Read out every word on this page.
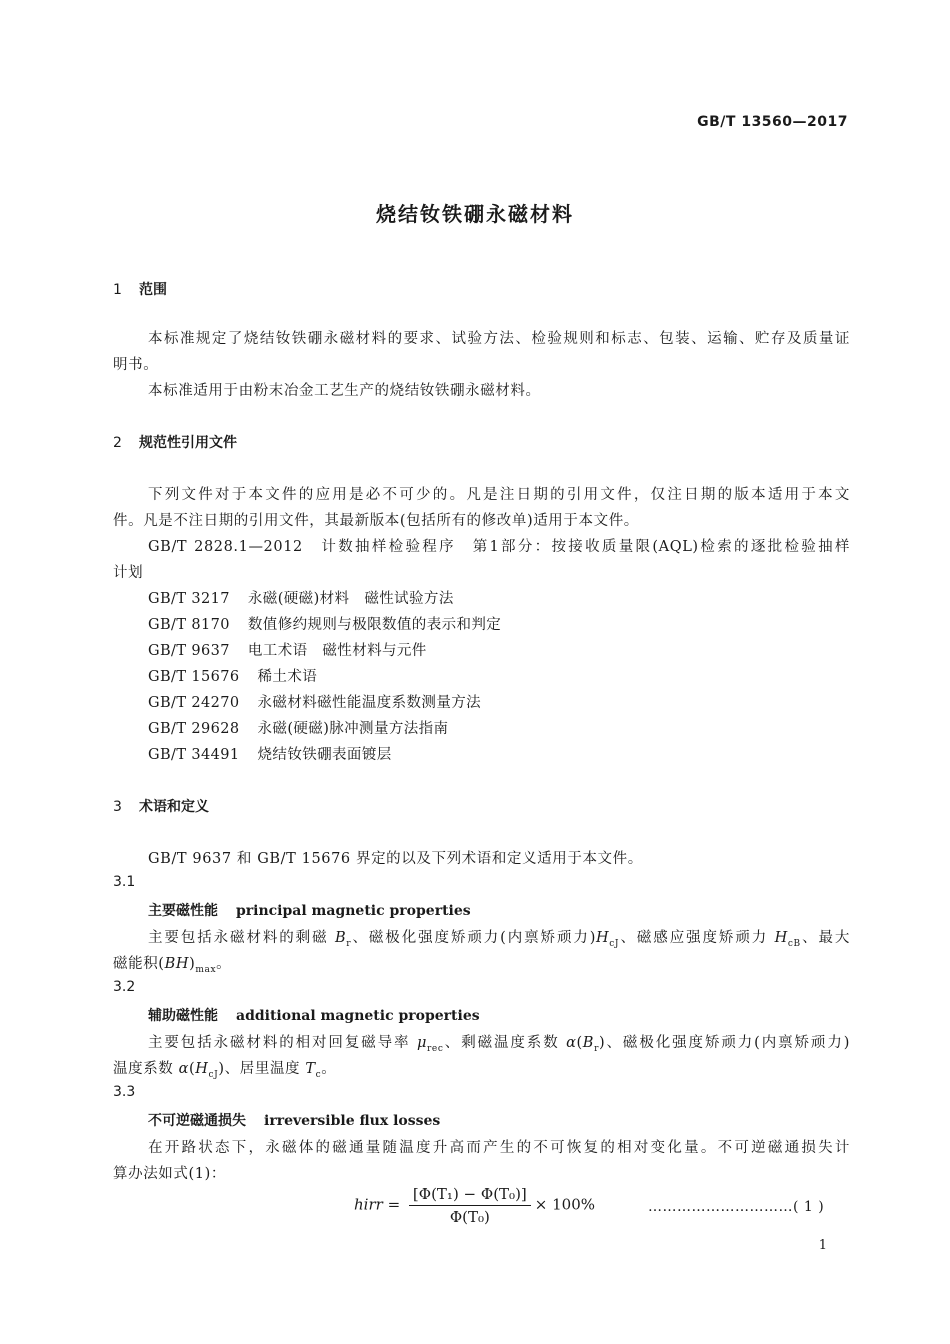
GB/T 13560—2017
烧结钕铁硼永磁材料
1 范围
本标准规定了烧结钕铁硼永磁材料的要求、试验方法、检验规则和标志、包装、运输、贮存及质量证
明书。
本标准适用于由粉末冶金工艺生产的烧结钕铁硼永磁材料。
2 规范性引用文件
下列文件对于本文件的应用是必不可少的。凡是注日期的引用文件，仅注日期的版本适用于本文
件。凡是不注日期的引用文件，其最新版本(包括所有的修改单)适用于本文件。
GB/T 2828.1—2012　计数抽样检验程序　第1部分：按接收质量限(AQL)检索的逐批检验抽样
计划
GB/T 3217 永磁(硬磁)材料　磁性试验方法
GB/T 8170 数值修约规则与极限数值的表示和判定
GB/T 9637 电工术语　磁性材料与元件
GB/T 15676 稀土术语
GB/T 24270 永磁材料磁性能温度系数测量方法
GB/T 29628 永磁(硬磁)脉冲测量方法指南
GB/T 34491 烧结钕铁硼表面镀层
3 术语和定义
GB/T 9637 和 GB/T 15676 界定的以及下列术语和定义适用于本文件。
3.1
主要磁性能 principal magnetic properties
主要包括永磁材料的剩磁 $B_r$、磁极化强度矫顽力(内禀矫顽力)$H_{cJ}$、磁感应强度矫顽力 $H_{cB}$、最大
磁能积$(BH)_{max}$。
3.2
辅助磁性能 additional magnetic properties
主要包括永磁材料的相对回复磁导率 $\mu_{rec}$、剩磁温度系数 $\alpha(B_r)$、磁极化强度矫顽力(内禀矫顽力)
温度系数 $\alpha(H_{cJ})$、居里温度 $T_c$。
3.3
不可逆磁通损失 irreversible flux losses
在开路状态下，永磁体的磁通量随温度升高而产生的不可恢复的相对变化量。不可逆磁通损失计
算办法如式(1)：
hirr = $\frac{\text{[Φ(T₁) − Φ(T₀)]}}{\text{Φ(T₀)}} \times 100\%$	…………………………( 1 )
1
